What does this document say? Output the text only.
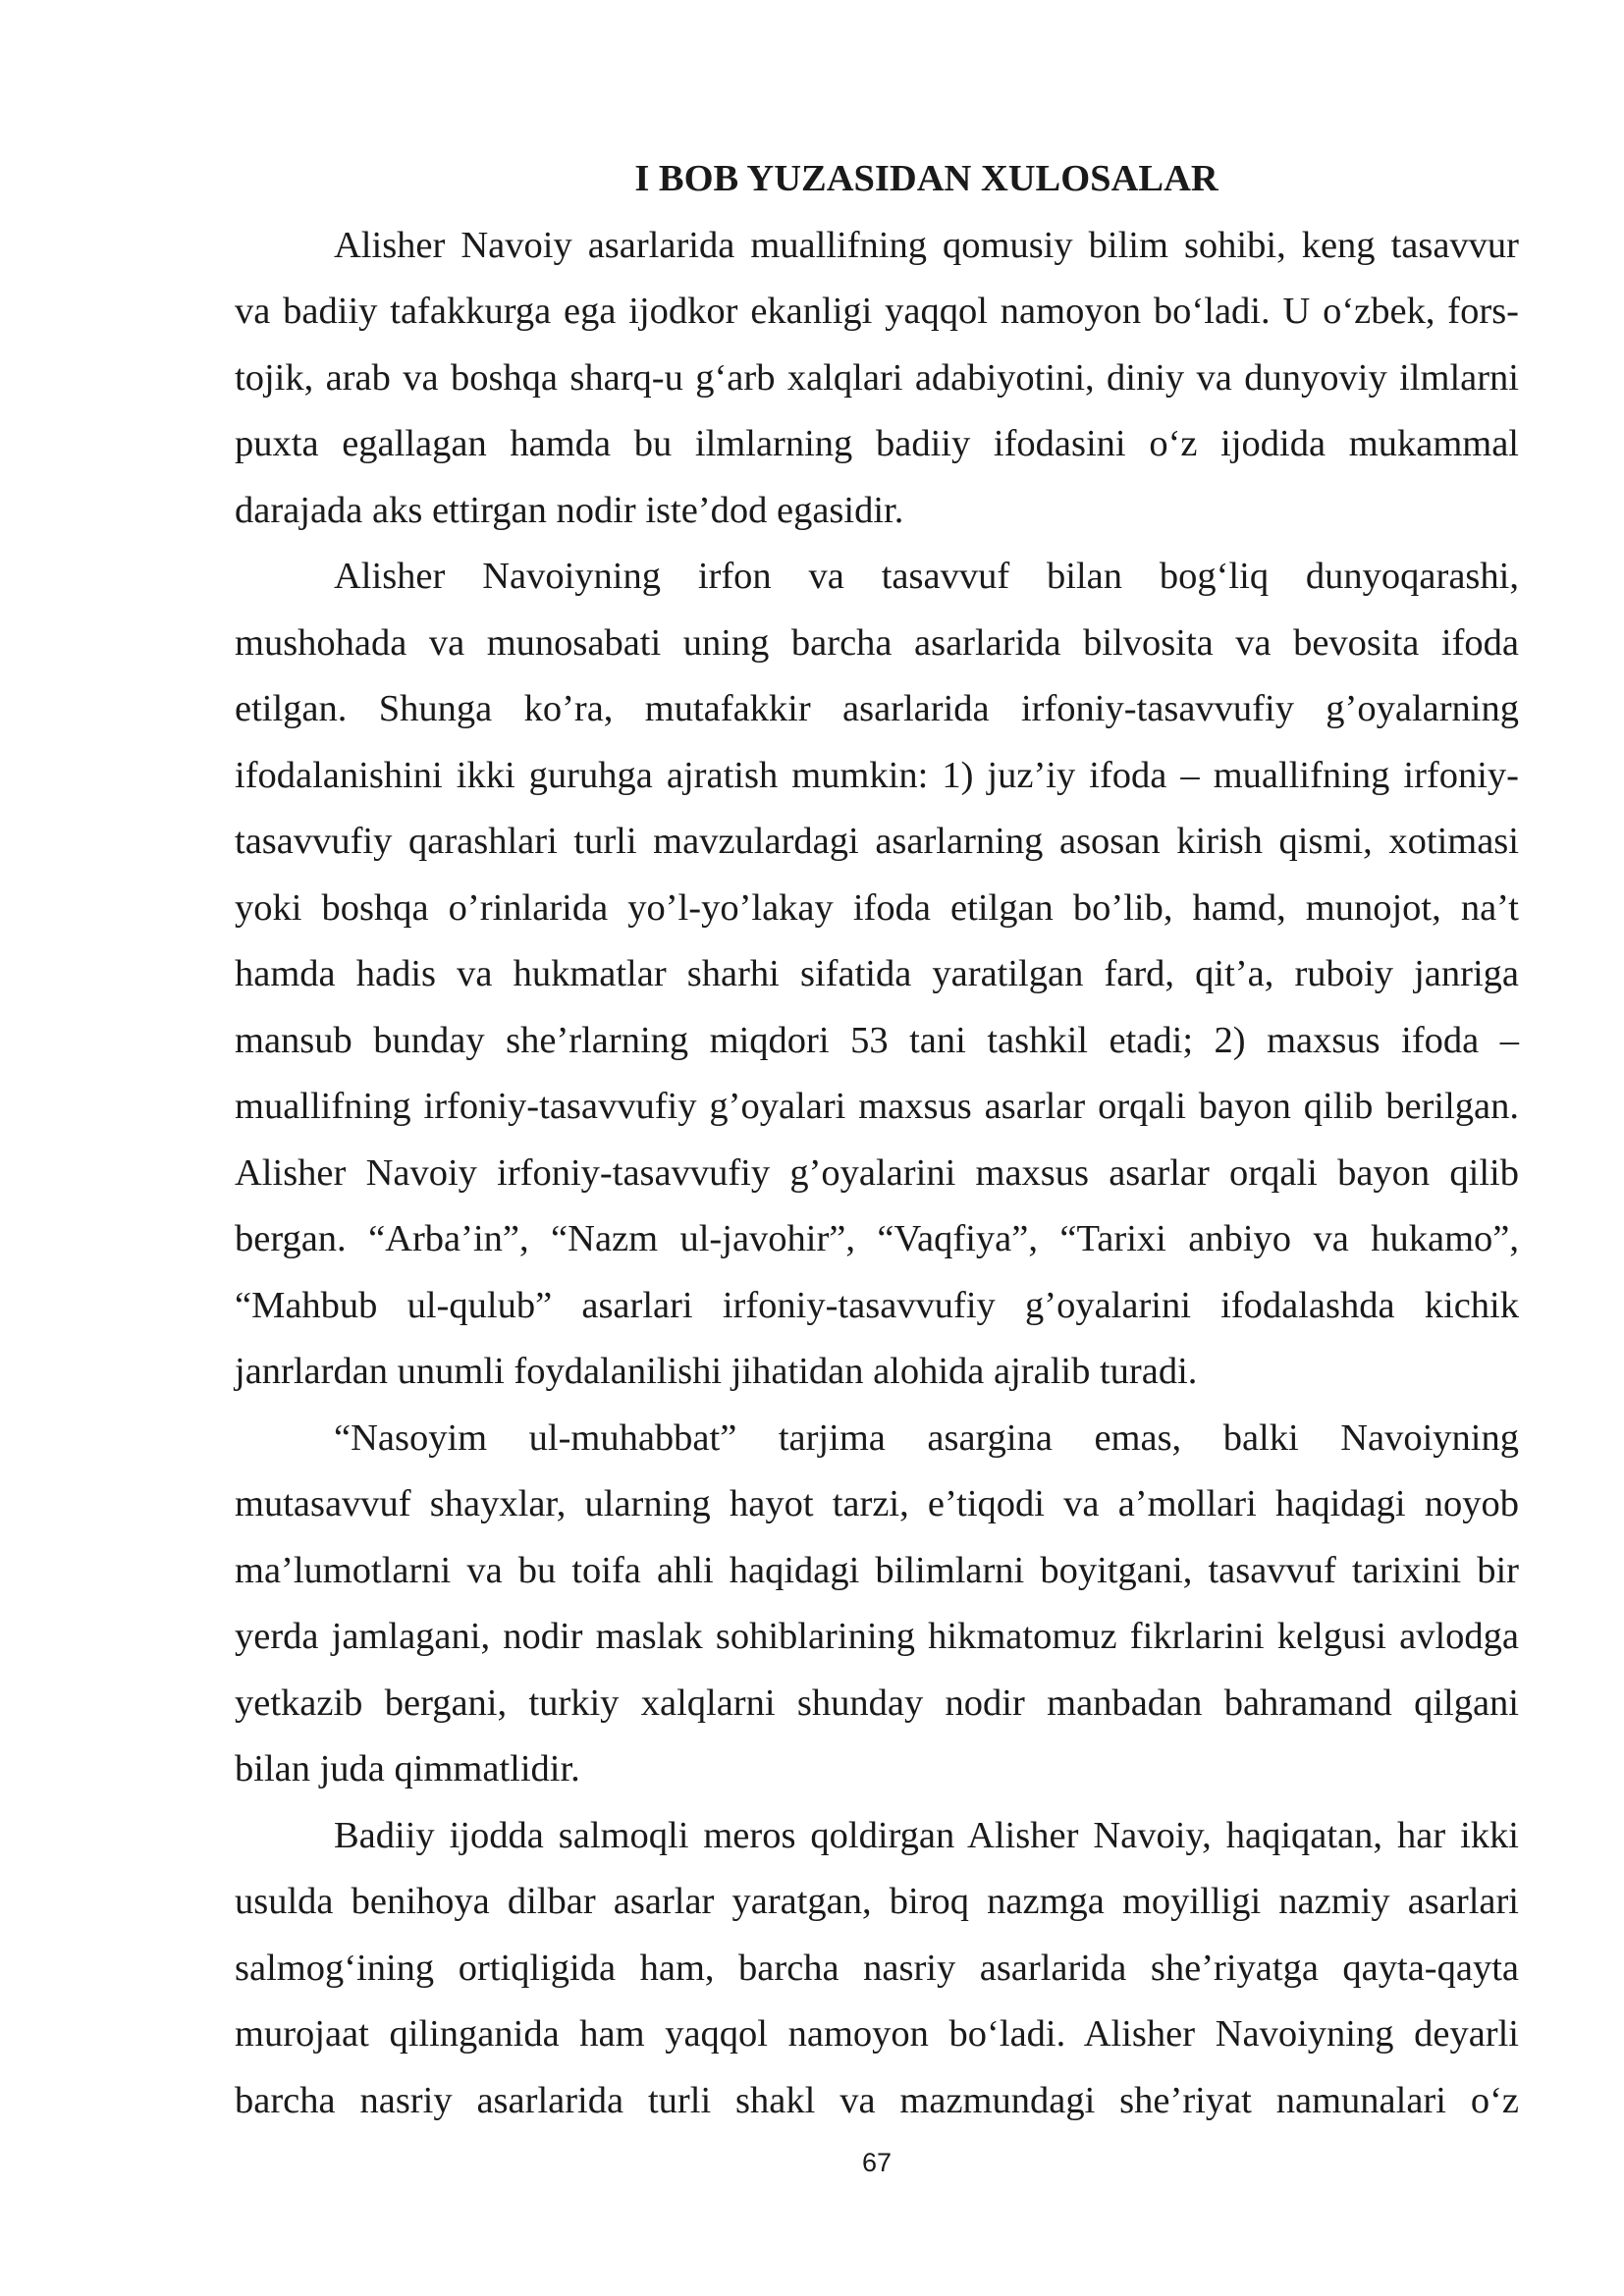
I BOB YUZASIDAN XULOSALAR
Alisher Navoiy asarlarida muallifning qomusiy bilim sohibi, keng tasavvur
va badiiy tafakkurga ega ijodkor ekanligi yaqqol namoyon bo‘ladi. U o‘zbek, fors-
tojik, arab va boshqa sharq-u g‘arb xalqlari adabiyotini, diniy va dunyoviy ilmlarni
puxta egallagan hamda bu ilmlarning badiiy ifodasini o‘z ijodida mukammal
darajada aks ettirgan nodir iste’dod egasidir.
Alisher Navoiyning irfon va tasavvuf bilan bog‘liq dunyoqarashi,
mushohada va munosabati uning barcha asarlarida bilvosita va bevosita ifoda
etilgan. Shunga ko’ra, mutafakkir asarlarida irfoniy-tasavvufiy g’oyalarning
ifodalanishini ikki guruhga ajratish mumkin: 1) juz’iy ifoda – muallifning irfoniy-
tasavvufiy qarashlari turli mavzulardagi asarlarning asosan kirish qismi, xotimasi
yoki boshqa o’rinlarida yo’l-yo’lakay ifoda etilgan bo’lib, hamd, munojot, na’t
hamda hadis va hukmatlar sharhi sifatida yaratilgan fard, qit’a, ruboiy janriga
mansub bunday she’rlarning miqdori 53 tani tashkil etadi; 2) maxsus ifoda –
muallifning irfoniy-tasavvufiy g’oyalari maxsus asarlar orqali bayon qilib berilgan.
Alisher Navoiy irfoniy-tasavvufiy g’oyalarini maxsus asarlar orqali bayon qilib
bergan. “Arba’in”, “Nazm ul-javohir”, “Vaqfiya”, “Tarixi anbiyo va hukamo”,
“Mahbub ul-qulub” asarlari irfoniy-tasavvufiy g’oyalarini ifodalashda kichik
janrlardan unumli foydalanilishi jihatidan alohida ajralib turadi.
“Nasoyim ul-muhabbat” tarjima asargina emas, balki Navoiyning
mutasavvuf shayxlar, ularning hayot tarzi, e’tiqodi va a’mollari haqidagi noyob
ma’lumotlarni va bu toifa ahli haqidagi bilimlarni boyitgani, tasavvuf tarixini bir
yerda jamlagani, nodir maslak sohiblarining hikmatomuz fikrlarini kelgusi avlodga
yetkazib bergani, turkiy xalqlarni shunday nodir manbadan bahramand qilgani
bilan juda qimmatlidir.
Badiiy ijodda salmoqli meros qoldirgan Alisher Navoiy, haqiqatan, har ikki
usulda benihoya dilbar asarlar yaratgan, biroq nazmga moyilligi nazmiy asarlari
salmog‘ining ortiqligida ham, barcha nasriy asarlarida she’riyatga qayta-qayta
murojaat qilinganida ham yaqqol namoyon bo‘ladi. Alisher Navoiyning deyarli
barcha nasriy asarlarida turli shakl va mazmundagi she’riyat namunalari o‘z
67
